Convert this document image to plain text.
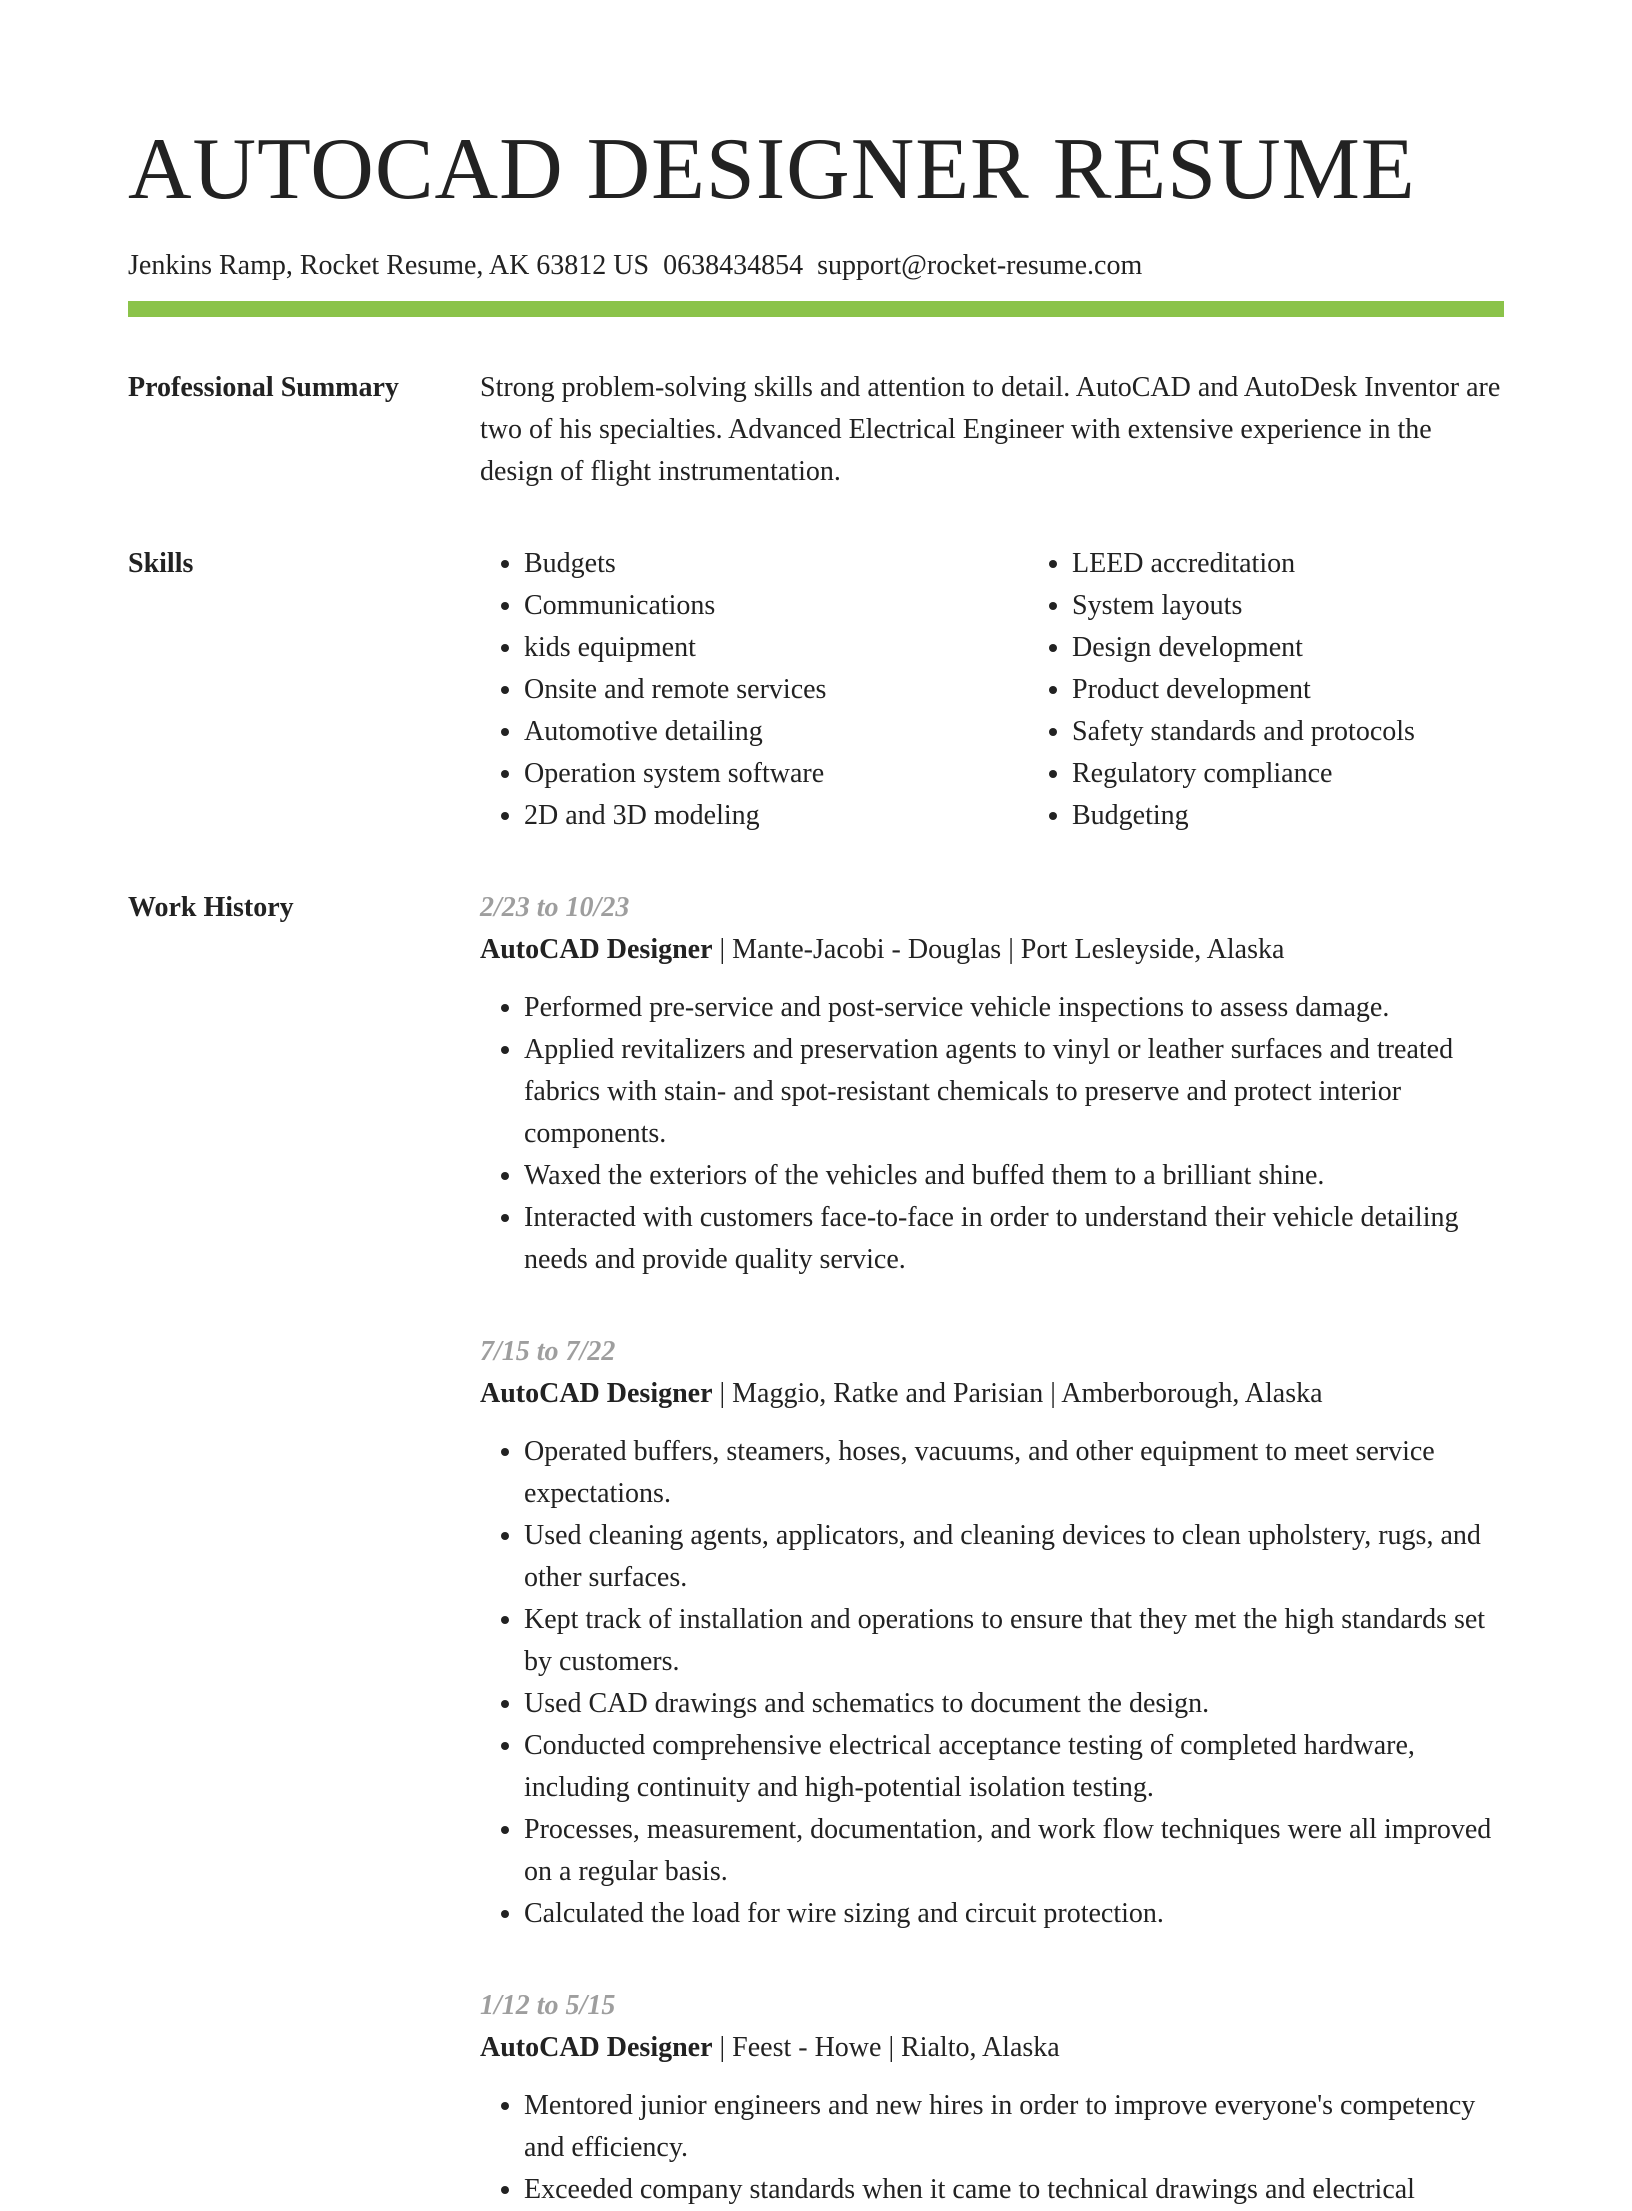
AUTOCAD DESIGNER RESUME
Jenkins Ramp, Rocket Resume, AK 63812 US 0638434854 support@rocket-resume.com
Professional Summary	Strong problem-solving skills and attention to detail. AutoCAD and AutoDesk Inventor are two of his specialties. Advanced Electrical Engineer with extensive experience in the design of flight instrumentation.

Skills
•	Budgets
• Communications
• kids equipment
• Onsite and remote services
• Automotive detailing
• Operation system software
• 2D and 3D modeling
• LEED accreditation
• System layouts
• Design development
• Product development
• Safety standards and protocols
• Regulatory compliance
• Budgeting
Work History	2/23 to 10/23
AutoCAD Designer | Mante-Jacobi - Douglas | Port Lesleyside, Alaska
• Performed pre-service and post-service vehicle inspections to assess damage.
• Applied revitalizers and preservation agents to vinyl or leather surfaces and treated fabrics with stain- and spot-resistant chemicals to preserve and protect interior components.
• Waxed the exteriors of the vehicles and buffed them to a brilliant shine.
• Interacted with customers face-to-face in order to understand their vehicle detailing needs and provide quality service.
7/15 to 7/22
AutoCAD Designer | Maggio, Ratke and Parisian | Amberborough, Alaska
• Operated buffers, steamers, hoses, vacuums, and other equipment to meet service expectations.
• Used cleaning agents, applicators, and cleaning devices to clean upholstery, rugs, and other surfaces.
• Kept track of installation and operations to ensure that they met the high standards set by customers.
• Used CAD drawings and schematics to document the design.
• Conducted comprehensive electrical acceptance testing of completed hardware, including continuity and high-potential isolation testing.
• Processes, measurement, documentation, and work flow techniques were all improved on a regular basis.
• Calculated the load for wire sizing and circuit protection.
1/12 to 5/15
AutoCAD Designer | Feest - Howe | Rialto, Alaska
• Mentored junior engineers and new hires in order to improve everyone's competency and efficiency.
• Exceeded company standards when it came to technical drawings and electrical
